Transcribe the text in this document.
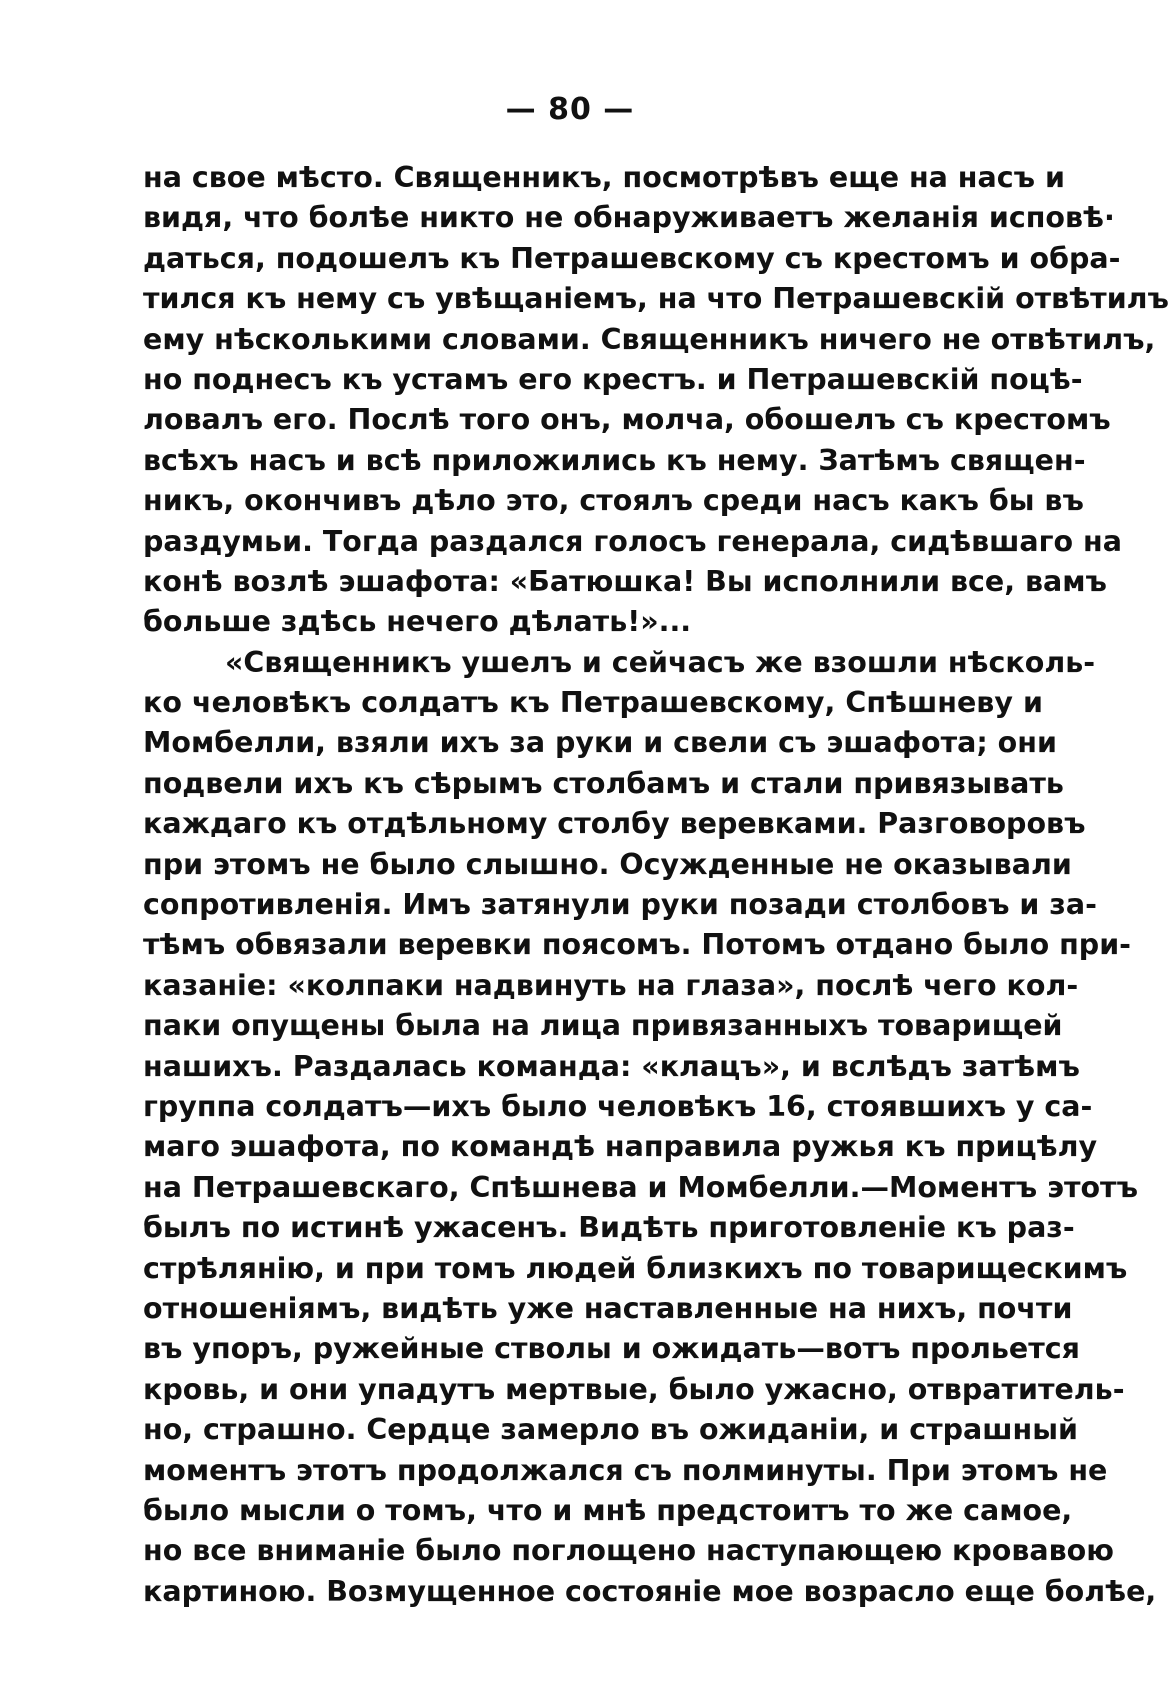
— 80 —
на свое мѣсто. Священникъ, посмотрѣвъ еще на насъ и
видя, что болѣе никто не обнаруживаетъ желанія исповѣ·
даться, подошелъ къ Петрашевскому съ крестомъ и обра-
тился къ нему съ увѣщаніемъ, на что Петрашевскій отвѣтилъ
ему нѣсколькими словами. Священникъ ничего не отвѣтилъ,
но поднесъ къ устамъ его крестъ. и Петрашевскій поцѣ-
ловалъ его. Послѣ того онъ, молча, обошелъ съ крестомъ
всѣхъ насъ и всѣ приложились къ нему. Затѣмъ священ-
никъ, окончивъ дѣло это, стоялъ среди насъ какъ бы въ
раздумьи. Тогда раздался голосъ генерала, сидѣвшаго на
конѣ возлѣ эшафота: «Батюшка! Вы исполнили все, вамъ
больше здѣсь нечего дѣлать!»...
«Священникъ ушелъ и сейчасъ же взошли нѣсколь-
ко человѣкъ солдатъ къ Петрашевскому, Спѣшневу и
Момбелли, взяли ихъ за руки и свели съ эшафота; они
подвели ихъ къ сѣрымъ столбамъ и стали привязывать
каждаго къ отдѣльному столбу веревками. Разговоровъ
при этомъ не было слышно. Осужденные не оказывали
сопротивленія. Имъ затянули руки позади столбовъ и за-
тѣмъ обвязали веревки поясомъ. Потомъ отдано было при-
казаніе: «колпаки надвинуть на глаза», послѣ чего кол-
паки опущены была на лица привязанныхъ товарищей
нашихъ. Раздалась команда: «клацъ», и вслѣдъ затѣмъ
группа солдатъ—ихъ было человѣкъ 16, стоявшихъ у са-
маго эшафота, по командѣ направила ружья къ прицѣлу
на Петрашевскаго, Спѣшнева и Момбелли.—Моментъ этотъ
былъ по истинѣ ужасенъ. Видѣть приготовленіе къ раз-
стрѣлянію, и при томъ людей близкихъ по товарищескимъ
отношеніямъ, видѣть уже наставленные на нихъ, почти
въ упоръ, ружейные стволы и ожидать—вотъ прольется
кровь, и они упадутъ мертвые, было ужасно, отвратитель-
но, страшно. Сердце замерло въ ожиданіи, и страшный
моментъ этотъ продолжался съ полминуты. При этомъ не
было мысли о томъ, что и мнѣ предстоитъ то же самое,
но все вниманіе было поглощено наступающею кровавою
картиною. Возмущенное состояніе мое возрасло еще болѣе,
